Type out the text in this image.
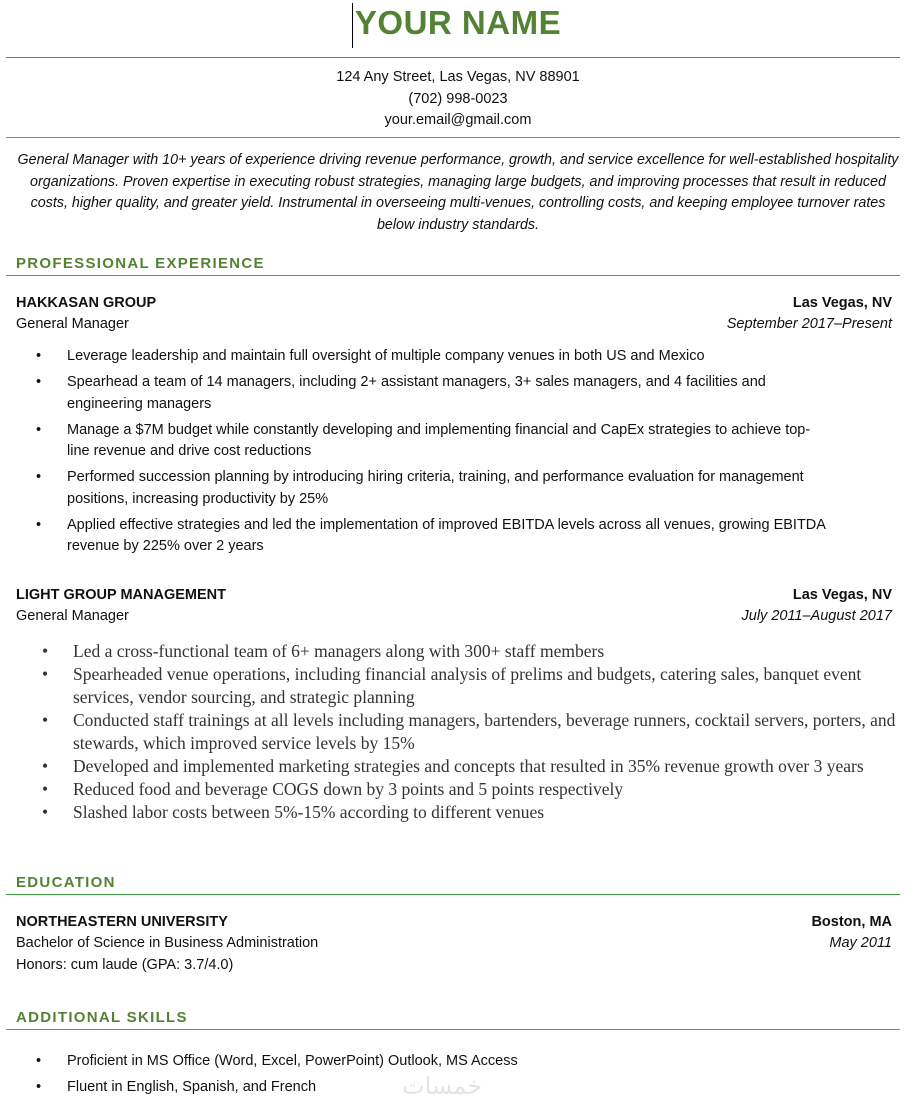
YOUR NAME
124 Any Street, Las Vegas, NV 88901
(702) 998-0023
your.email@gmail.com
General Manager with 10+ years of experience driving revenue performance, growth, and service excellence for well-established hospitality organizations. Proven expertise in executing robust strategies, managing large budgets, and improving processes that result in reduced costs, higher quality, and greater yield. Instrumental in overseeing multi-venues, controlling costs, and keeping employee turnover rates below industry standards.
PROFESSIONAL EXPERIENCE
HAKKASAN GROUP	Las Vegas, NV
General Manager	September 2017–Present
• Leverage leadership and maintain full oversight of multiple company venues in both US and Mexico
• Spearhead a team of 14 managers, including 2+ assistant managers, 3+ sales managers, and 4 facilities and engineering managers
• Manage a $7M budget while constantly developing and implementing financial and CapEx strategies to achieve top-line revenue and drive cost reductions
• Performed succession planning by introducing hiring criteria, training, and performance evaluation for management positions, increasing productivity by 25%
• Applied effective strategies and led the implementation of improved EBITDA levels across all venues, growing EBITDA revenue by 225% over 2 years
LIGHT GROUP MANAGEMENT	Las Vegas, NV
General Manager	July 2011–August 2017
• Led a cross-functional team of 6+ managers along with 300+ staff members
• Spearheaded venue operations, including financial analysis of prelims and budgets, catering sales, banquet event services, vendor sourcing, and strategic planning
• Conducted staff trainings at all levels including managers, bartenders, beverage runners, cocktail servers, porters, and stewards, which improved service levels by 15%
• Developed and implemented marketing strategies and concepts that resulted in 35% revenue growth over 3 years
• Reduced food and beverage COGS down by 3 points and 5 points respectively
• Slashed labor costs between 5%-15% according to different venues
EDUCATION
NORTHEASTERN UNIVERSITY	Boston, MA
Bachelor of Science in Business Administration	May 2011
Honors: cum laude (GPA: 3.7/4.0)
ADDITIONAL SKILLS
• Proficient in MS Office (Word, Excel, PowerPoint) Outlook, MS Access
• Fluent in English, Spanish, and French	خمسات
